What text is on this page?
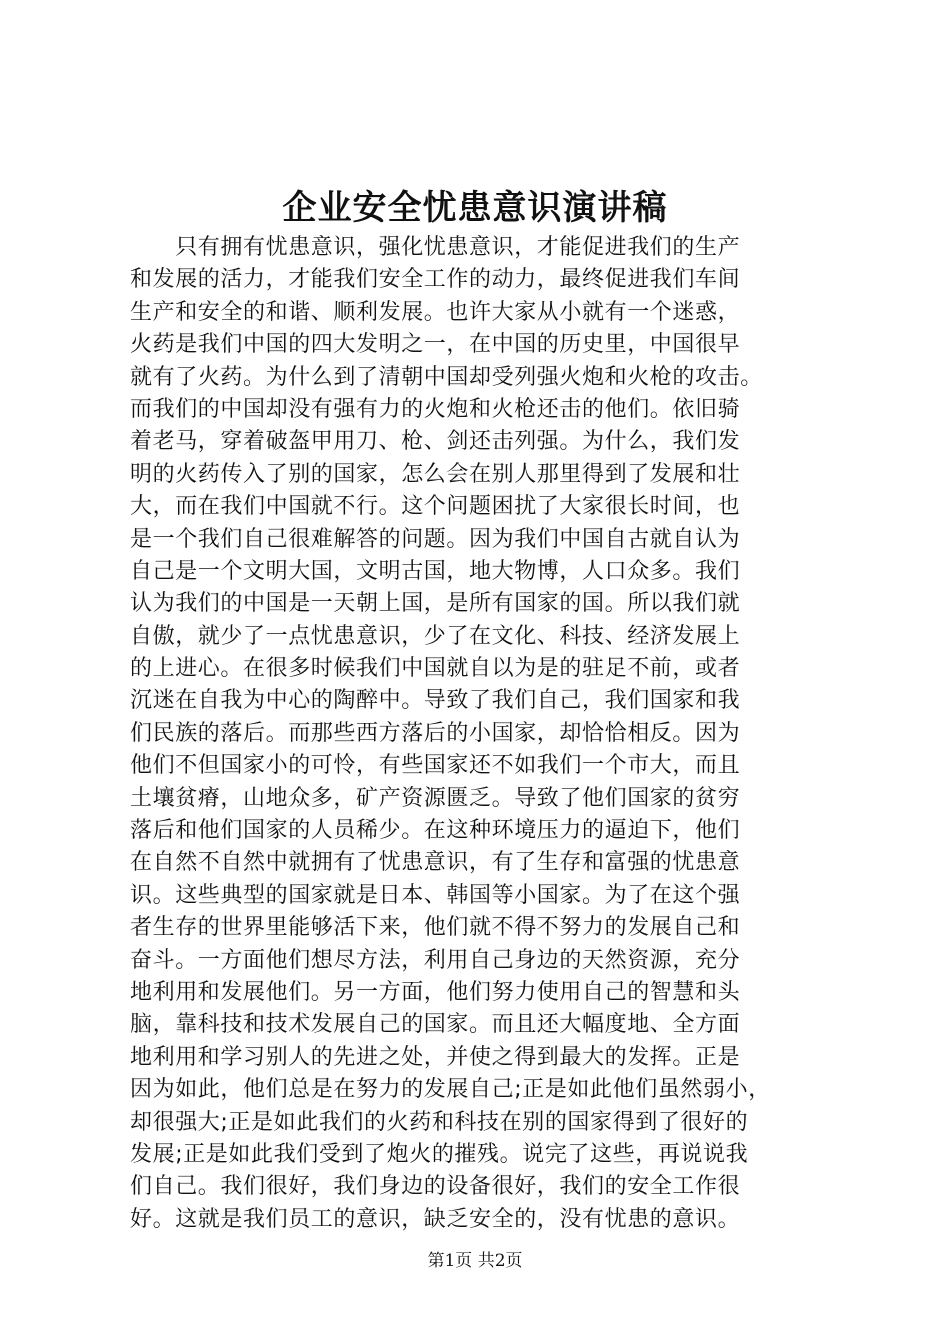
企业安全忧患意识演讲稿
　　只有拥有忧患意识，强化忧患意识，才能促进我们的生产
和发展的活力，才能我们安全工作的动力，最终促进我们车间
生产和安全的和谐、顺利发展。也许大家从小就有一个迷惑，
火药是我们中国的四大发明之一，在中国的历史里，中国很早
就有了火药。为什么到了清朝中国却受列强火炮和火枪的攻击。
而我们的中国却没有强有力的火炮和火枪还击的他们。依旧骑
着老马，穿着破盔甲用刀、枪、剑还击列强。为什么，我们发
明的火药传入了别的国家，怎么会在别人那里得到了发展和壮
大，而在我们中国就不行。这个问题困扰了大家很长时间，也
是一个我们自己很难解答的问题。因为我们中国自古就自认为
自己是一个文明大国，文明古国，地大物博，人口众多。我们
认为我们的中国是一天朝上国，是所有国家的国。所以我们就
自傲，就少了一点忧患意识，少了在文化、科技、经济发展上
的上进心。在很多时候我们中国就自以为是的驻足不前，或者
沉迷在自我为中心的陶醉中。导致了我们自己，我们国家和我
们民族的落后。而那些西方落后的小国家，却恰恰相反。因为
他们不但国家小的可怜，有些国家还不如我们一个市大，而且
土壤贫瘠，山地众多，矿产资源匮乏。导致了他们国家的贫穷
落后和他们国家的人员稀少。在这种环境压力的逼迫下，他们
在自然不自然中就拥有了忧患意识，有了生存和富强的忧患意
识。这些典型的国家就是日本、韩国等小国家。为了在这个强
者生存的世界里能够活下来，他们就不得不努力的发展自己和
奋斗。一方面他们想尽方法，利用自己身边的天然资源，充分
地利用和发展他们。另一方面，他们努力使用自己的智慧和头
脑，靠科技和技术发展自己的国家。而且还大幅度地、全方面
地利用和学习别人的先进之处，并使之得到最大的发挥。正是
因为如此，他们总是在努力的发展自己;正是如此他们虽然弱小，
却很强大;正是如此我们的火药和科技在别的国家得到了很好的
发展;正是如此我们受到了炮火的摧残。说完了这些，再说说我
们自己。我们很好，我们身边的设备很好，我们的安全工作很
好。这就是我们员工的意识，缺乏安全的，没有忧患的意识。
第1页 共2页
